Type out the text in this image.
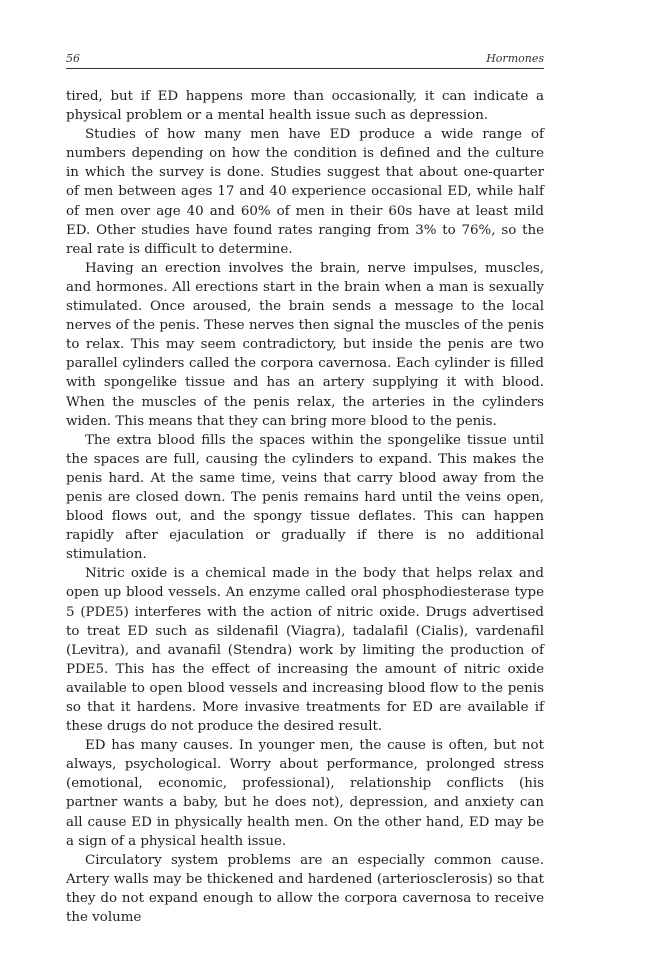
56	Hormones

tired, but if ED happens more than occasionally, it can indicate a physical problem or a mental health issue such as depression.

Studies of how many men have ED produce a wide range of numbers depending on how the condition is defined and the culture in which the survey is done. Studies suggest that about one-quarter of men between ages 17 and 40 experience occasional ED, while half of men over age 40 and 60% of men in their 60s have at least mild ED. Other studies have found rates ranging from 3% to 76%, so the real rate is difficult to determine.

Having an erection involves the brain, nerve impulses, muscles, and hormones. All erections start in the brain when a man is sexually stimulated. Once aroused, the brain sends a message to the local nerves of the penis. These nerves then signal the muscles of the penis to relax. This may seem contradictory, but inside the penis are two parallel cylinders called the corpora cavernosa. Each cylinder is filled with spongelike tissue and has an artery supplying it with blood. When the muscles of the penis relax, the arteries in the cylinders widen. This means that they can bring more blood to the penis.

The extra blood fills the spaces within the spongelike tissue until the spaces are full, causing the cylinders to expand. This makes the penis hard. At the same time, veins that carry blood away from the penis are closed down. The penis remains hard until the veins open, blood flows out, and the spongy tissue deflates. This can happen rapidly after ejaculation or gradually if there is no additional stimulation.

Nitric oxide is a chemical made in the body that helps relax and open up blood vessels. An enzyme called oral phosphodiesterase type 5 (PDE5) interferes with the action of nitric oxide. Drugs advertised to treat ED such as sildenafil (Viagra), tadalafil (Cialis), vardenafil (Levitra), and avanafil (Stendra) work by limiting the production of PDE5. This has the effect of increasing the amount of nitric oxide available to open blood vessels and increasing blood flow to the penis so that it hardens. More invasive treatments for ED are available if these drugs do not produce the desired result.

ED has many causes. In younger men, the cause is often, but not always, psychological. Worry about performance, prolonged stress (emotional, economic, professional), relationship conflicts (his partner wants a baby, but he does not), depression, and anxiety can all cause ED in physically health men. On the other hand, ED may be a sign of a physical health issue.

Circulatory system problems are an especially common cause. Artery walls may be thickened and hardened (arteriosclerosis) so that they do not expand enough to allow the corpora cavernosa to receive the volume
